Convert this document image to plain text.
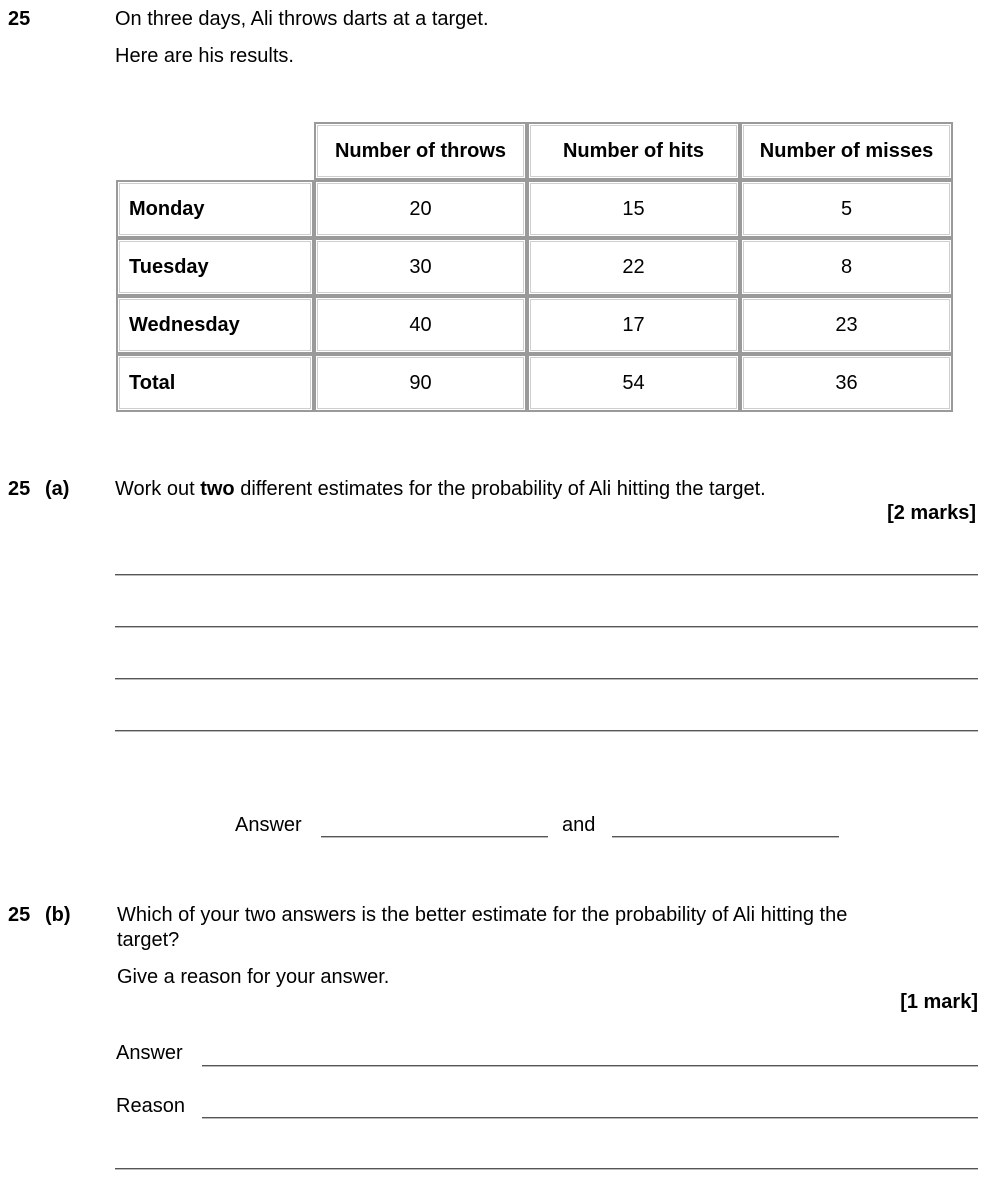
25	On three days, Ali throws darts at a target.
Here are his results.
	Number of throws	Number of hits	Number of misses
Monday	20	15	5
Tuesday	30	22	8
Wednesday	40	17	23
Total	90	54	36
25 (a) Work out two different estimates for the probability of Ali hitting the target.
[2 marks]
Answer	and
25 (b) Which of your two answers is the better estimate for the probability of Ali hitting the
target?
Give a reason for your answer.
[1 mark]
Answer
Reason
